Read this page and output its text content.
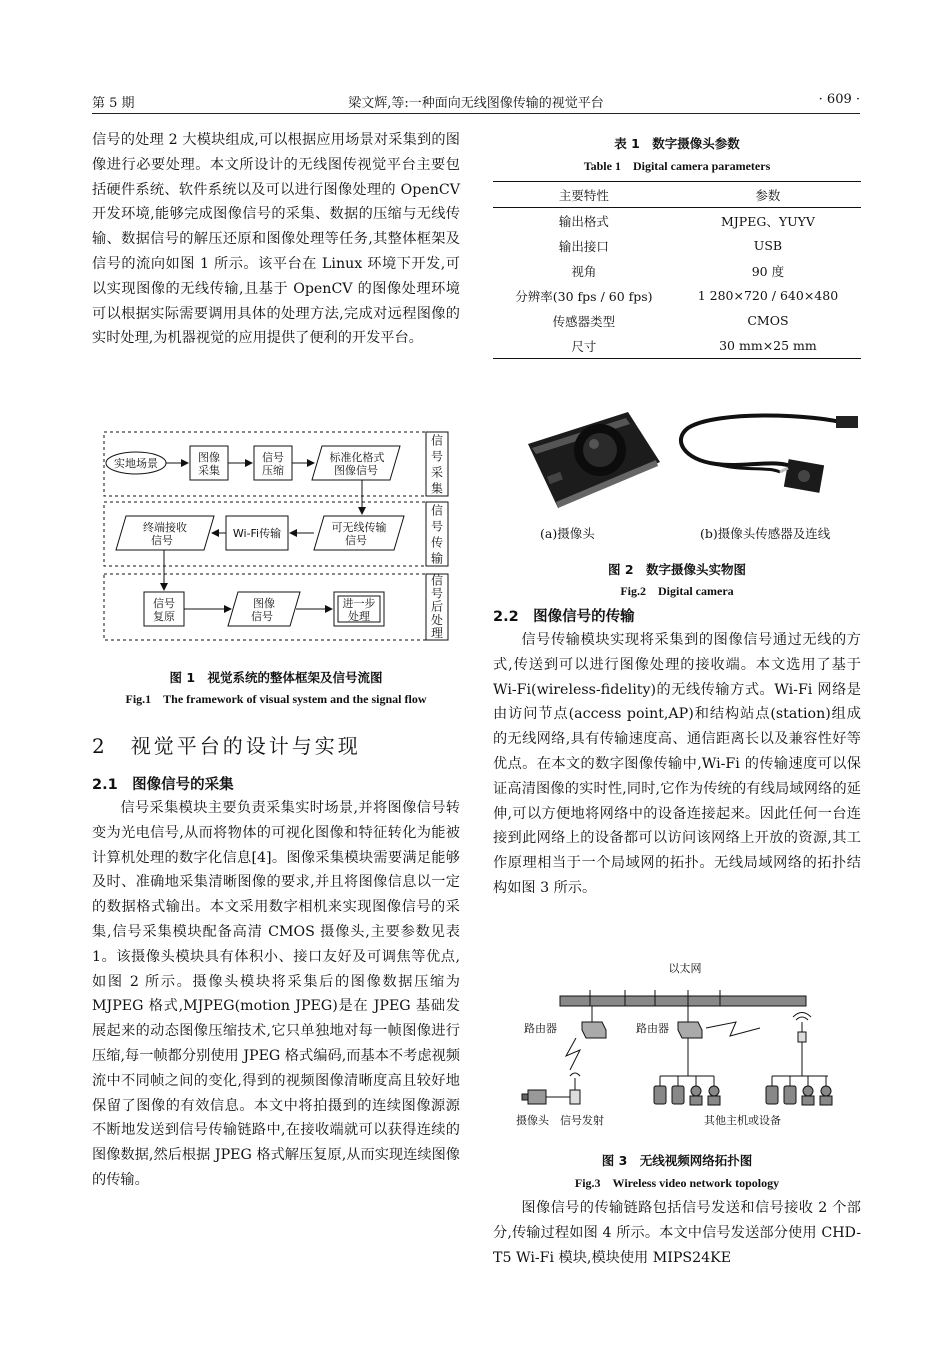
第 5 期	梁文辉,等:一种面向无线图像传输的视觉平台	· 609 ·

信号的处理 2 大模块组成,可以根据应用场景对采集到的图像进行必要处理。本文所设计的无线图传视觉平台主要包括硬件系统、软件系统以及可以进行图像处理的 OpenCV 开发环境,能够完成图像信号的采集、数据的压缩与无线传输、数据信号的解压还原和图像处理等任务,其整体框架及信号的流向如图 1 所示。该平台在 Linux 环境下开发,可以实现图像的无线传输,且基于 OpenCV 的图像处理环境可以根据实际需要调用具体的处理方法,完成对远程图像的实时处理,为机器视觉的应用提供了便利的开发平台。

实地场景	图像
采集
信号
压缩
标准化格式
图像信号
终端接收
信号
Wi-Fi传输	可无线传输
信号
信号
复原
图像
信号
进一步
处理
信
号
采
集
信
号
传
输
信
号
后
处
理
图 1　视觉系统的整体框架及信号流图
Fig.1　The framework of visual system and the signal flow
2　视觉平台的设计与实现
2.1　图像信号的采集

信号采集模块主要负责采集实时场景,并将图像信号转变为光电信号,从而将物体的可视化图像和特征转化为能被计算机处理的数字化信息[4]。图像采集模块需要满足能够及时、准确地采集清晰图像的要求,并且将图像信息以一定的数据格式输出。本文采用数字相机来实现图像信号的采集,信号采集模块配备高清 CMOS 摄像头,主要参数见表 1。该摄像头模块具有体积小、接口友好及可调焦等优点,如图 2 所示。摄像头模块将采集后的图像数据压缩为 MJPEG 格式,MJPEG(motion JPEG)是在 JPEG 基础发展起来的动态图像压缩技术,它只单独地对每一帧图像进行压缩,每一帧都分别使用 JPEG 格式编码,而基本不考虑视频流中不同帧之间的变化,得到的视频图像清晰度高且较好地保留了图像的有效信息。本文中将拍摄到的连续图像源源不断地发送到信号传输链路中,在接收端就可以获得连续的图像数据,然后根据 JPEG 格式解压复原,从而实现连续图像的传输。

表 1　数字摄像头参数
Table 1　Digital camera parameters
主要特性	参数
输出格式	MJPEG、YUYV
输出接口	USB
视角	90 度
分辨率(30 fps / 60 fps)	1 280×720 / 640×480
传感器类型	CMOS
尺寸	30 mm×25 mm
(a)摄像头	(b)摄像头传感器及连线
图 2　数字摄像头实物图
Fig.2　Digital camera
2.2　图像信号的传输

信号传输模块实现将采集到的图像信号通过无线的方式,传送到可以进行图像处理的接收端。本文选用了基于 Wi-Fi(wireless-fidelity)的无线传输方式。Wi-Fi 网络是由访问节点(access point,AP)和结构站点(station)组成的无线网络,具有传输速度高、通信距离长以及兼容性好等优点。在本文的数字图像传输中,Wi-Fi 的传输速度可以保证高清图像的实时性,同时,它作为传统的有线局域网络的延伸,可以方便地将网络中的设备连接起来。因此任何一台连接到此网络上的设备都可以访问该网络上开放的资源,其工作原理相当于一个局域网的拓扑。无线局域网络的拓扑结构如图 3 所示。

以太网
路由器	路由器
摄像头 信号发射	其他主机或设备
图 3　无线视频网络拓扑图
Fig.3　Wireless video network topology

图像信号的传输链路包括信号发送和信号接收 2 个部分,传输过程如图 4 所示。本文中信号发送部分使用 CHD-T5 Wi-Fi 模块,模块使用 MIPS24KE
